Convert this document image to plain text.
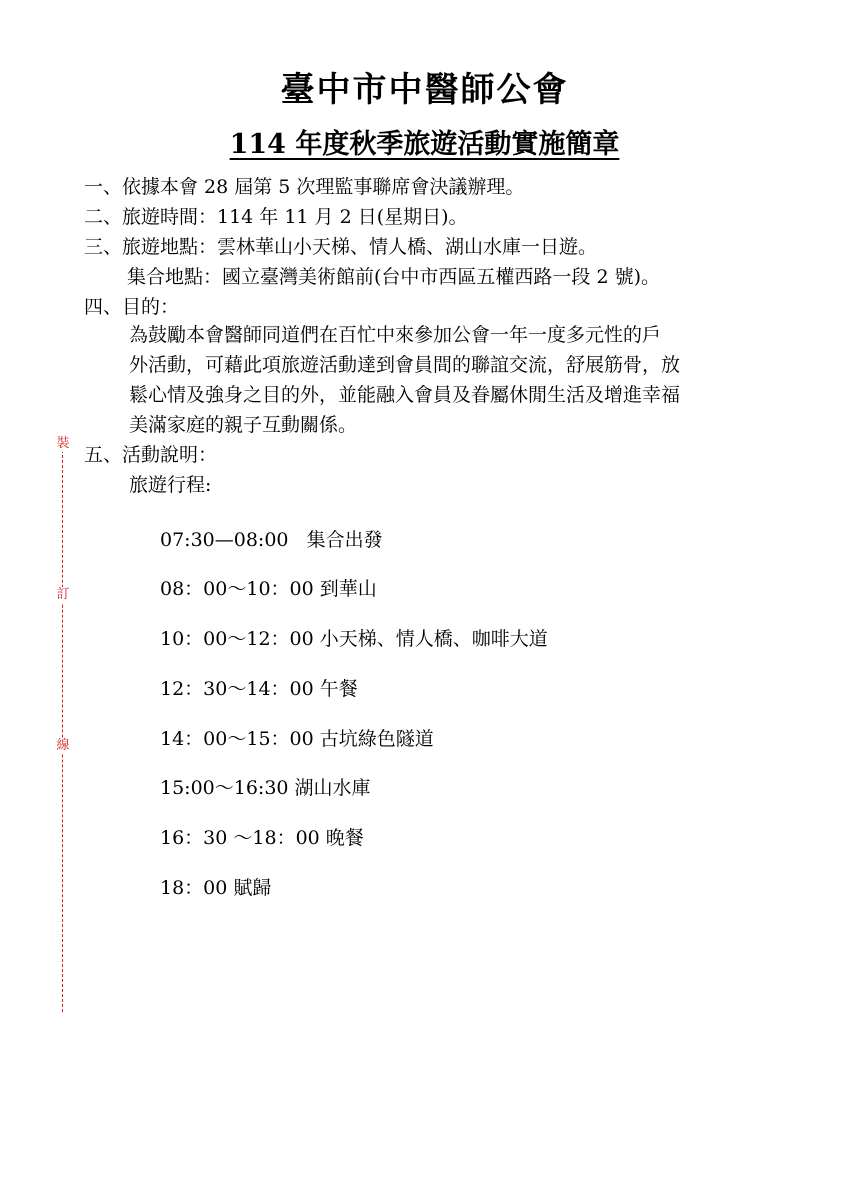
裝
訂
線
臺中市中醫師公會
114 年度秋季旅遊活動實施簡章
一、依據本會 28 屆第 5 次理監事聯席會決議辦理。
二、旅遊時間：114 年 11 月 2 日(星期日)。
三、旅遊地點：雲林華山小天梯、情人橋、湖山水庫一日遊。
集合地點：國立臺灣美術館前(台中市西區五權西路一段 2 號)。
四、目的：
為鼓勵本會醫師同道們在百忙中來參加公會一年一度多元性的戶
外活動，可藉此項旅遊活動達到會員間的聯誼交流，舒展筋骨，放
鬆心情及強身之目的外，並能融入會員及眷屬休閒生活及增進幸福
美滿家庭的親子互動關係。
五、活動說明：
旅遊行程:
07:30—08:00   集合出發
08：00～10：00 到華山
10：00～12：00 小天梯、情人橋、咖啡大道
12：30～14：00 午餐
14：00～15：00 古坑綠色隧道
15:00～16:30 湖山水庫
16：30 ～18：00 晚餐
18：00 賦歸
